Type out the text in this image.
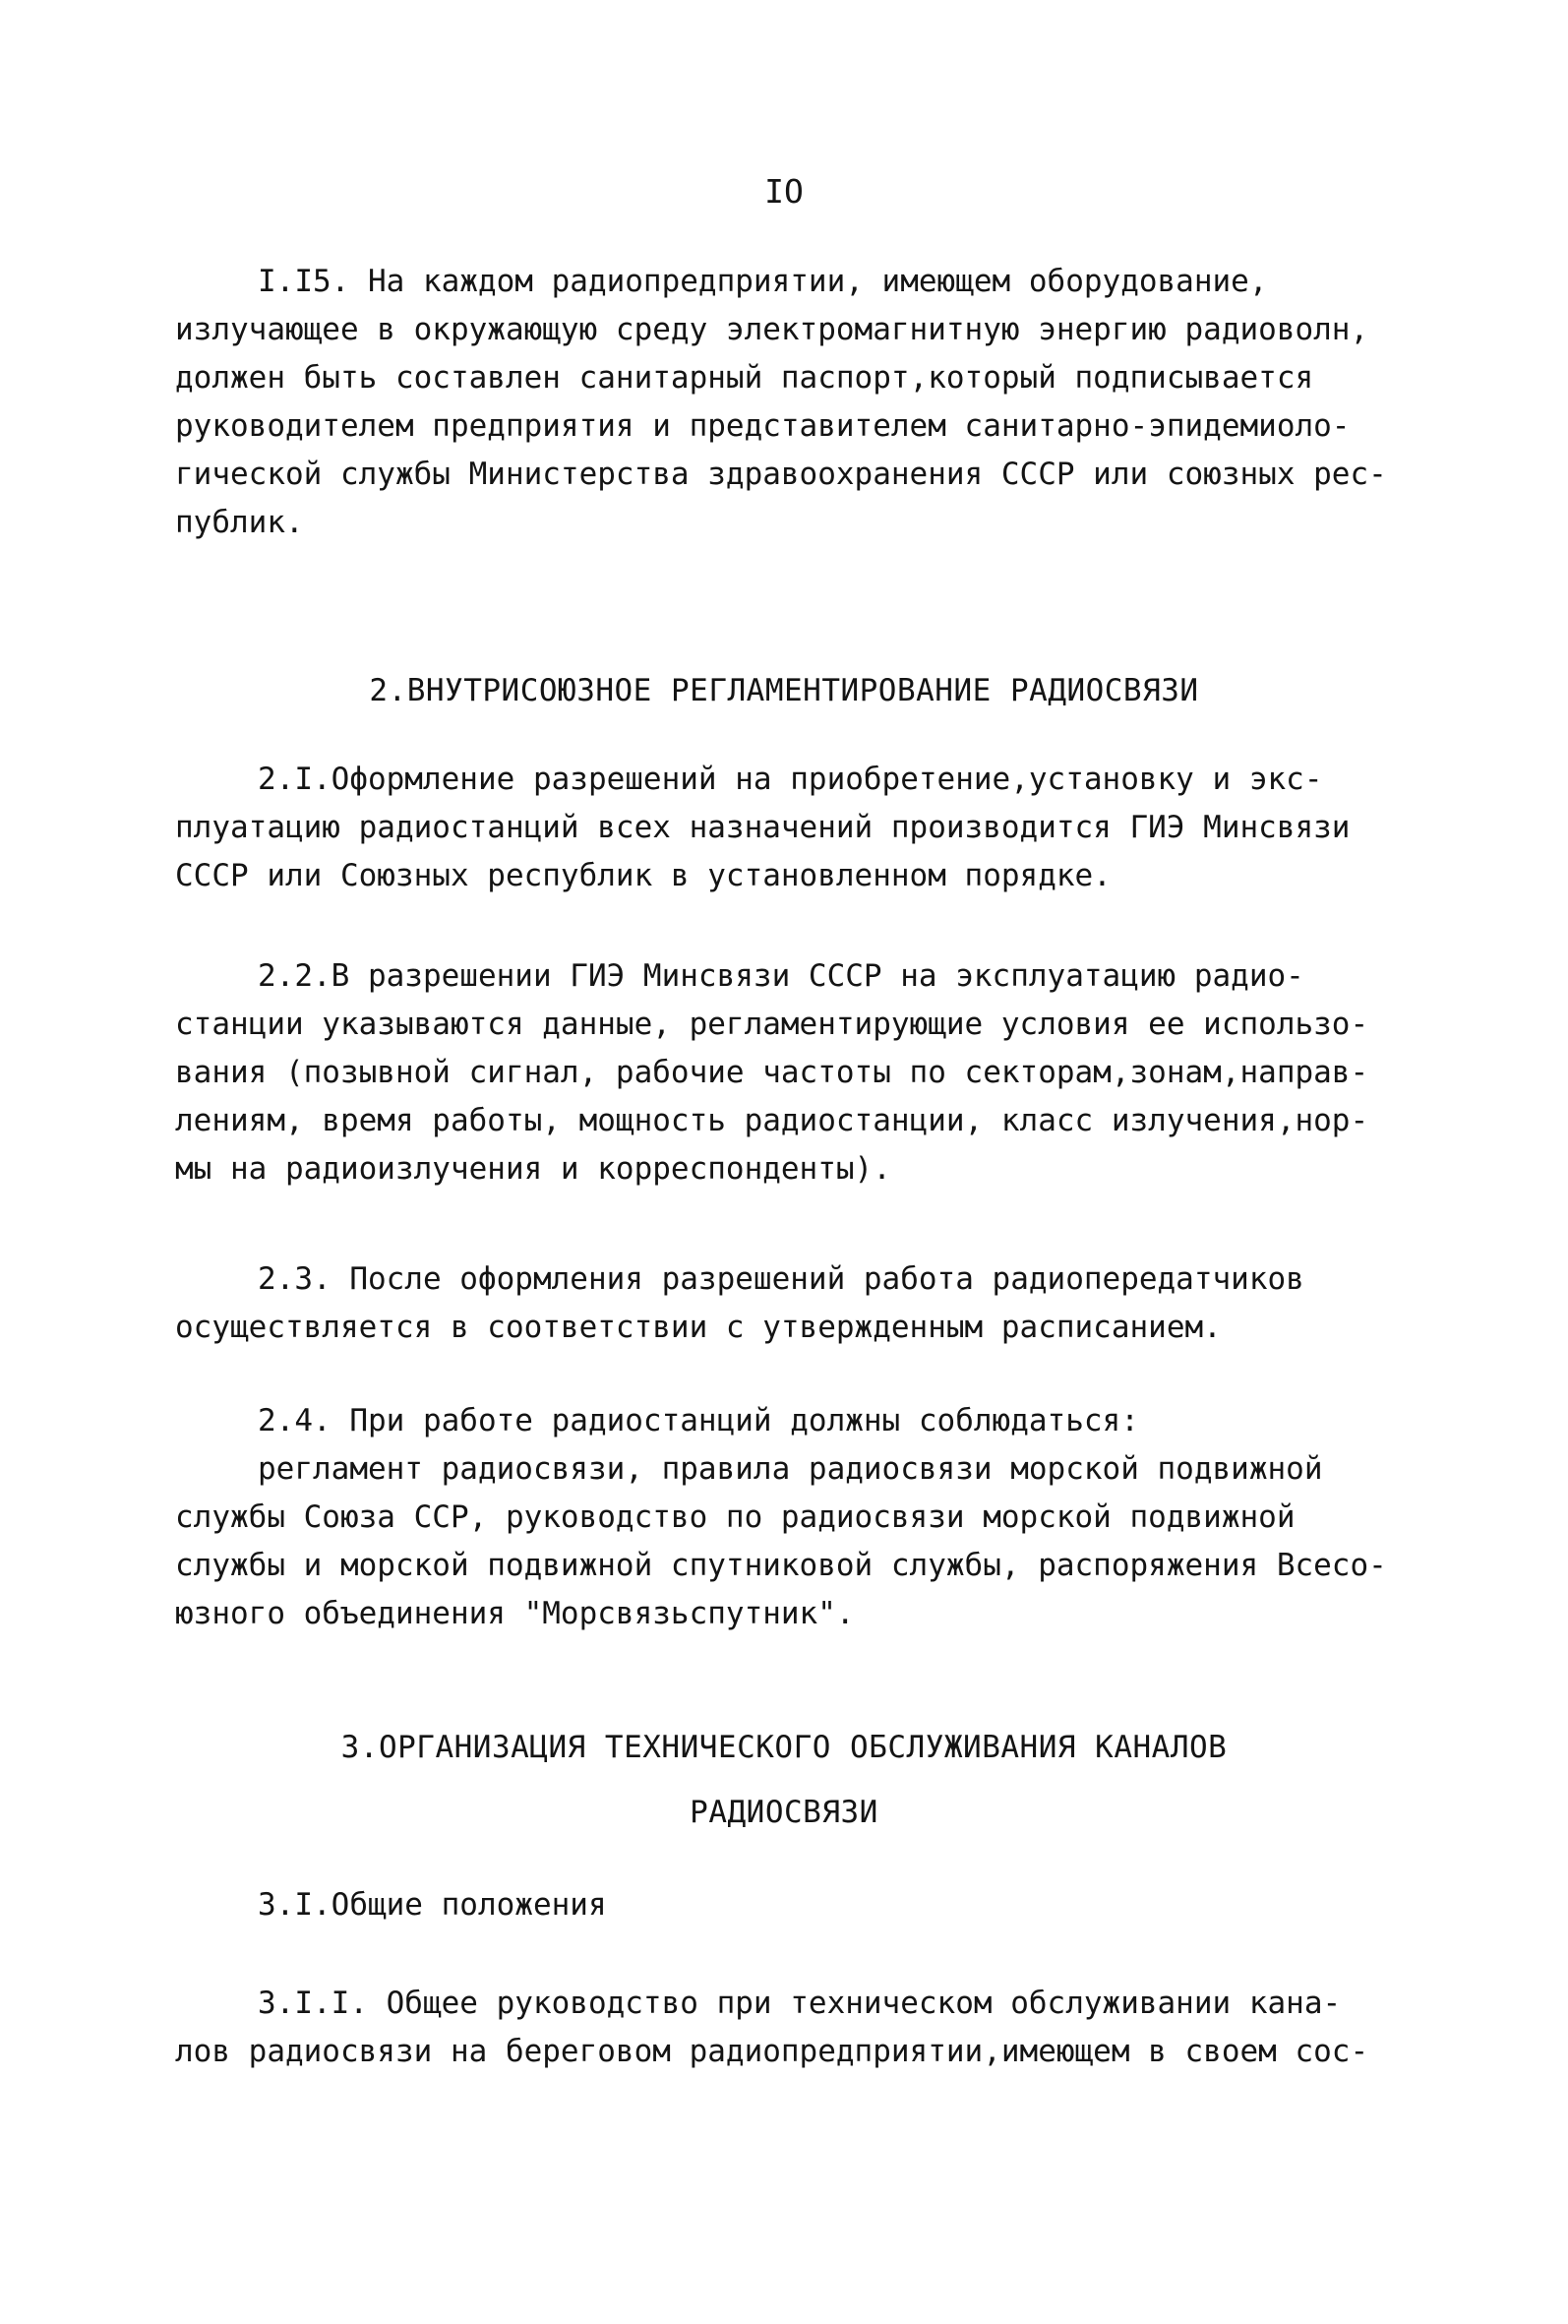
IO
I.I5. На каждом радиопредприятии, имеющем оборудование,
излучающее в окружающую среду электромагнитную энергию радиоволн,
должен быть составлен санитарный паспорт,который подписывается
руководителем предприятия и представителем санитарно-эпидемиоло-
гической службы Министерства здравоохранения СССР или союзных рес-
публик.
2.ВНУТРИСОЮЗНОЕ РЕГЛАМЕНТИРОВАНИЕ РАДИОСВЯЗИ
2.I.Оформление разрешений на приобретение,установку и экс-
плуатацию радиостанций всех назначений производится ГИЭ Минсвязи
СССР или Союзных республик в установленном порядке.
2.2.В разрешении ГИЭ Минсвязи СССР на эксплуатацию радио-
станции указываются данные, регламентирующие условия ее использо-
вания (позывной сигнал, рабочие частоты по секторам,зонам,направ-
лениям, время работы, мощность радиостанции, класс излучения,нор-
мы на радиоизлучения и корреспонденты).
2.3. После оформления разрешений работа радиопередатчиков
осуществляется в соответствии с утвержденным расписанием.
2.4. При работе радиостанций должны соблюдаться:
регламент радиосвязи, правила радиосвязи морской подвижной
службы Союза ССР, руководство по радиосвязи морской подвижной
службы и морской подвижной спутниковой службы, распоряжения Всесо-
юзного объединения "Морсвязьспутник".
3.ОРГАНИЗАЦИЯ ТЕХНИЧЕСКОГО ОБСЛУЖИВАНИЯ КАНАЛОВ
РАДИОСВЯЗИ
3.I.Общие положения
3.I.I. Общее руководство при техническом обслуживании кана-
лов радиосвязи на береговом радиопредприятии,имеющем в своем сос-
